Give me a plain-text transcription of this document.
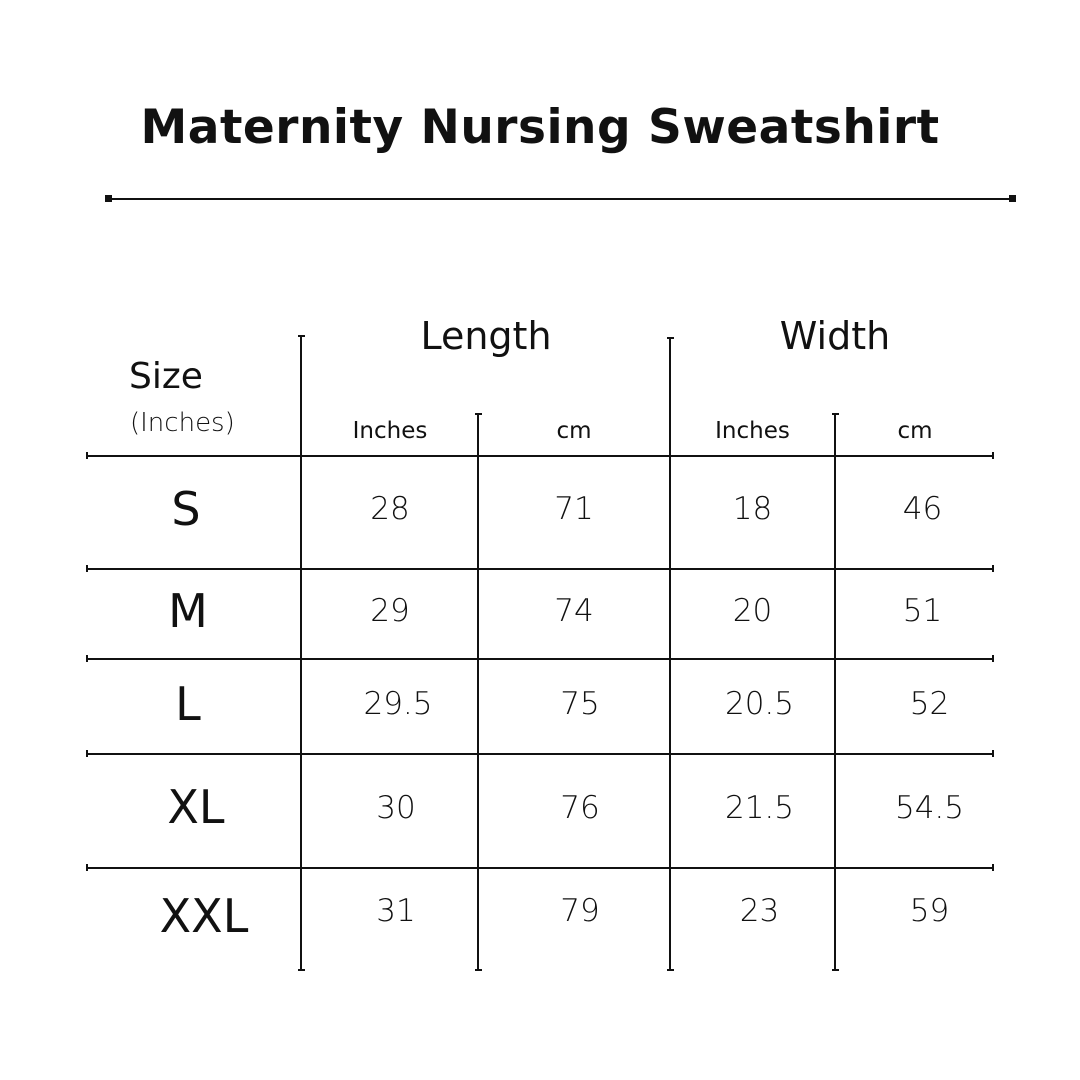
Maternity Nursing Sweatshirt
Size
(Inches)
Length	Width
Inches	cm	Inches	cm
S	28	71	18	46
M	29	74	20	51
L	29.5	75	20.5	52
XL	30	76	21.5	54.5
XXL	31	79	23	59
